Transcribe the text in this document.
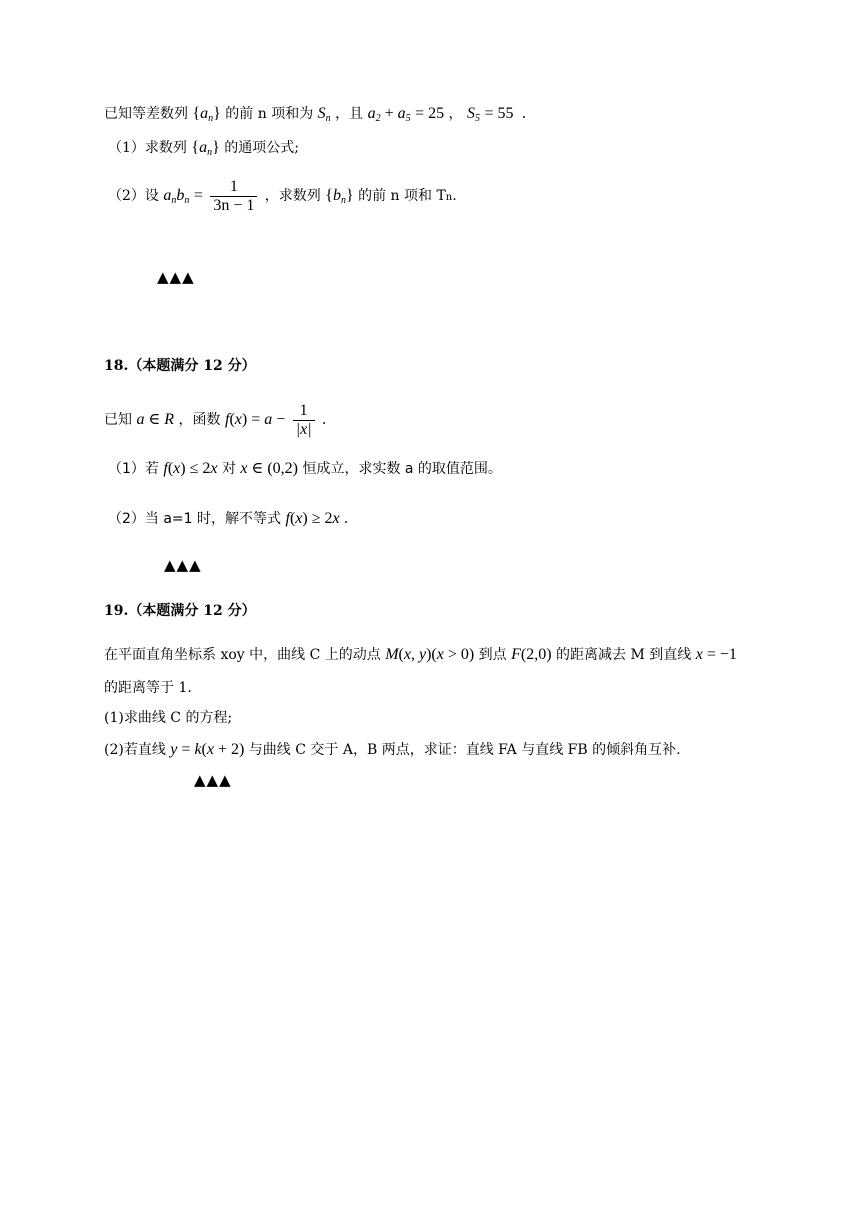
已知等差数列 $\{a_n\}$ 的前 n 项和为 $S_n$ ，且 $a_2 + a_5 = 25$ ， $S_5 = 55$  .
（1）求数列 $\{a_n\}$ 的通项公式;
（2）设 $a_nb_n = \frac{1}{3n - 1}$ ，求数列 $\{b_n\}$ 的前 n 项和 Tn.
▲▲▲
18.（本题满分 12 分）
已知 a ∈ R ，函数 $f(x) = a - \frac{1}{|x|}$ .
（1）若 f(x) ≤ 2x 对 x ∈ (0,2) 恒成立，求实数 a 的取值范围。
（2）当 a=1 时，解不等式 f(x) ≥ 2x .
▲▲▲
19.（本题满分 12 分）
在平面直角坐标系 xoy 中，曲线 C 上的动点 M(x, y)(x > 0) 到点 F(2,0) 的距离减去 M 到直线 x = −1
的距离等于 1.
(1)求曲线 C 的方程;
(2)若直线 y = k(x + 2) 与曲线 C 交于 A，B 两点，求证：直线 FA 与直线 FB 的倾斜角互补.
▲▲▲
